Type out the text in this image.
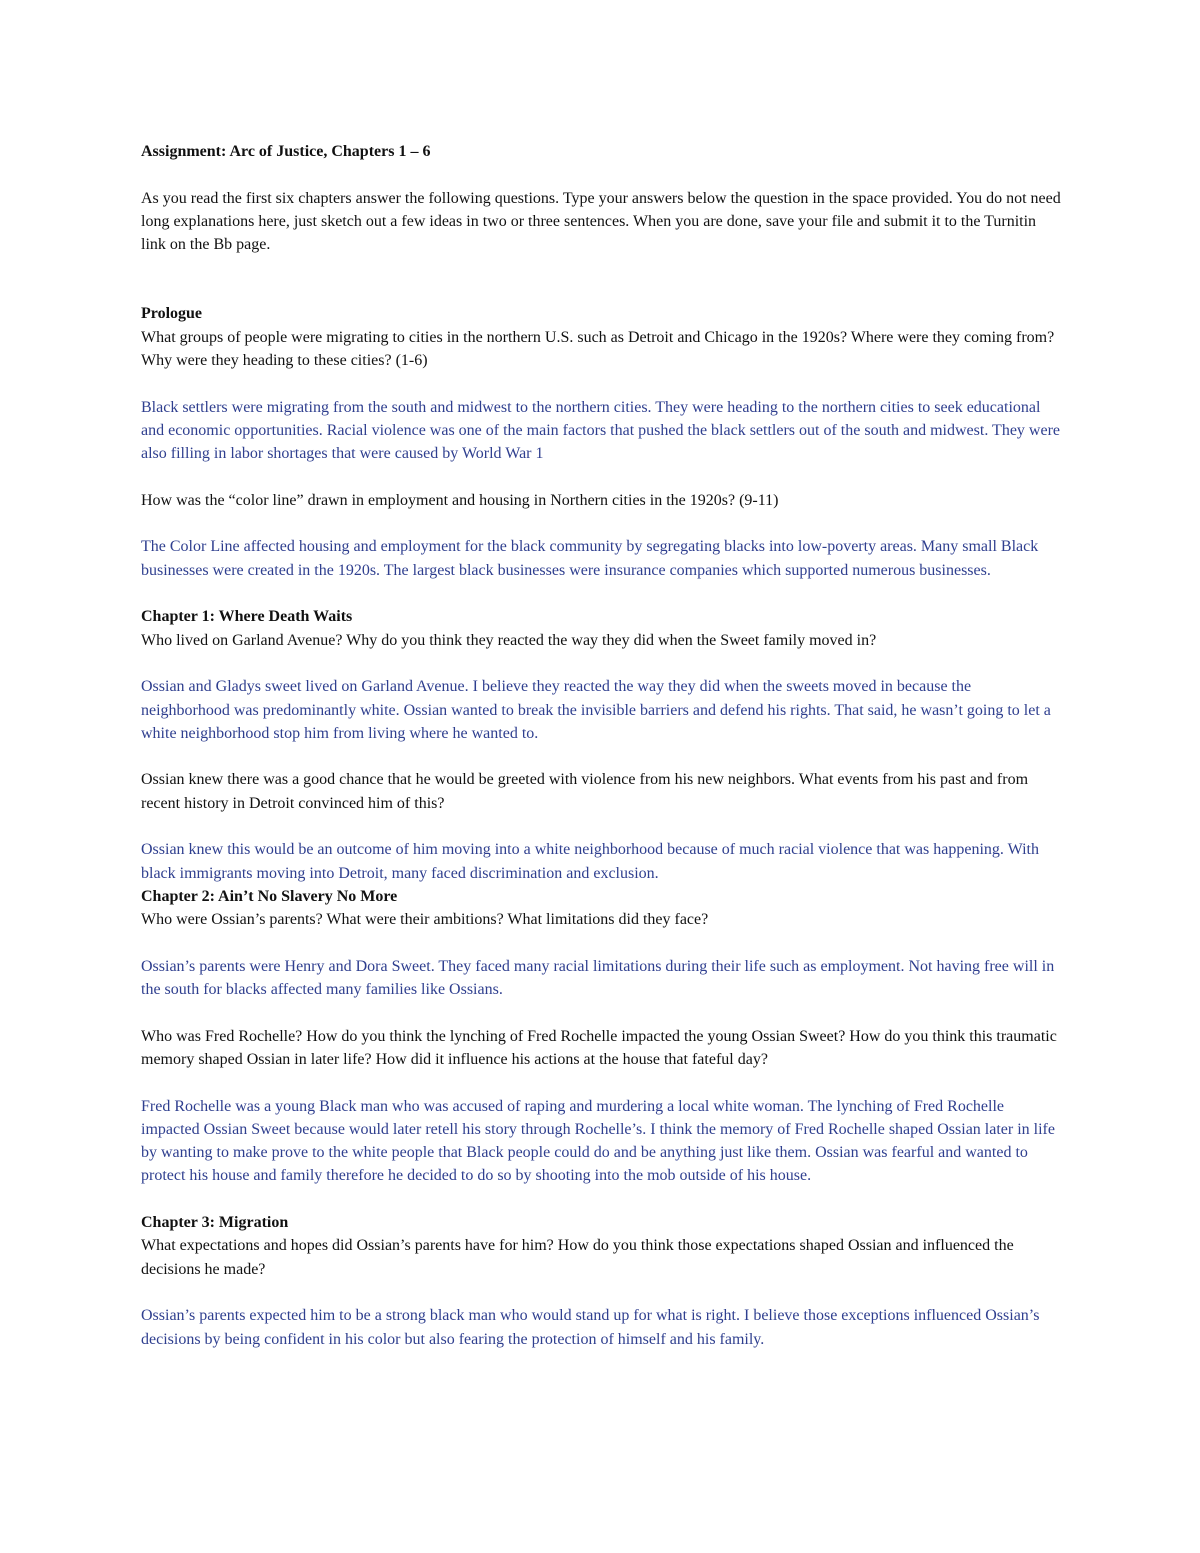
Assignment: Arc of Justice, Chapters 1 – 6

As you read the first six chapters answer the following questions. Type your answers below the question in the space provided. You do not need long explanations here, just sketch out a few ideas in two or three sentences. When you are done, save your file and submit it to the Turnitin link on the Bb page.

Prologue

What groups of people were migrating to cities in the northern U.S. such as Detroit and Chicago in the 1920s? Where were they coming from? Why were they heading to these cities? (1-6)

Black settlers were migrating from the south and midwest to the northern cities. They were heading to the northern cities to seek educational and economic opportunities. Racial violence was one of the main factors that pushed the black settlers out of the south and midwest. They were also filling in labor shortages that were caused by World War 1

How was the “color line” drawn in employment and housing in Northern cities in the 1920s? (9-11)

The Color Line affected housing and employment for the black community by segregating blacks into low-poverty areas. Many small Black businesses were created in the 1920s. The largest black businesses were insurance companies which supported numerous businesses.

Chapter 1: Where Death Waits

Who lived on Garland Avenue? Why do you think they reacted the way they did when the Sweet family moved in?

Ossian and Gladys sweet lived on Garland Avenue. I believe they reacted the way they did when the sweets moved in because the neighborhood was predominantly white. Ossian wanted to break the invisible barriers and defend his rights. That said, he wasn’t going to let a white neighborhood stop him from living where he wanted to.

Ossian knew there was a good chance that he would be greeted with violence from his new neighbors. What events from his past and from recent history in Detroit convinced him of this?

Ossian knew this would be an outcome of him moving into a white neighborhood because of much racial violence that was happening. With black immigrants moving into Detroit, many faced discrimination and exclusion.

Chapter 2: Ain’t No Slavery No More

Who were Ossian’s parents? What were their ambitions? What limitations did they face?

Ossian’s parents were Henry and Dora Sweet. They faced many racial limitations during their life such as employment. Not having free will in the south for blacks affected many families like Ossians.

Who was Fred Rochelle? How do you think the lynching of Fred Rochelle impacted the young Ossian Sweet? How do you think this traumatic memory shaped Ossian in later life? How did it influence his actions at the house that fateful day?

Fred Rochelle was a young Black man who was accused of raping and murdering a local white woman. The lynching of Fred Rochelle impacted Ossian Sweet because would later retell his story through Rochelle’s. I think the memory of Fred Rochelle shaped Ossian later in life by wanting to make prove to the white people that Black people could do and be anything just like them. Ossian was fearful and wanted to protect his house and family therefore he decided to do so by shooting into the mob outside of his house.

Chapter 3: Migration

What expectations and hopes did Ossian’s parents have for him? How do you think those expectations shaped Ossian and influenced the decisions he made?

Ossian’s parents expected him to be a strong black man who would stand up for what is right. I believe those exceptions influenced Ossian’s decisions by being confident in his color but also fearing the protection of himself and his family.
